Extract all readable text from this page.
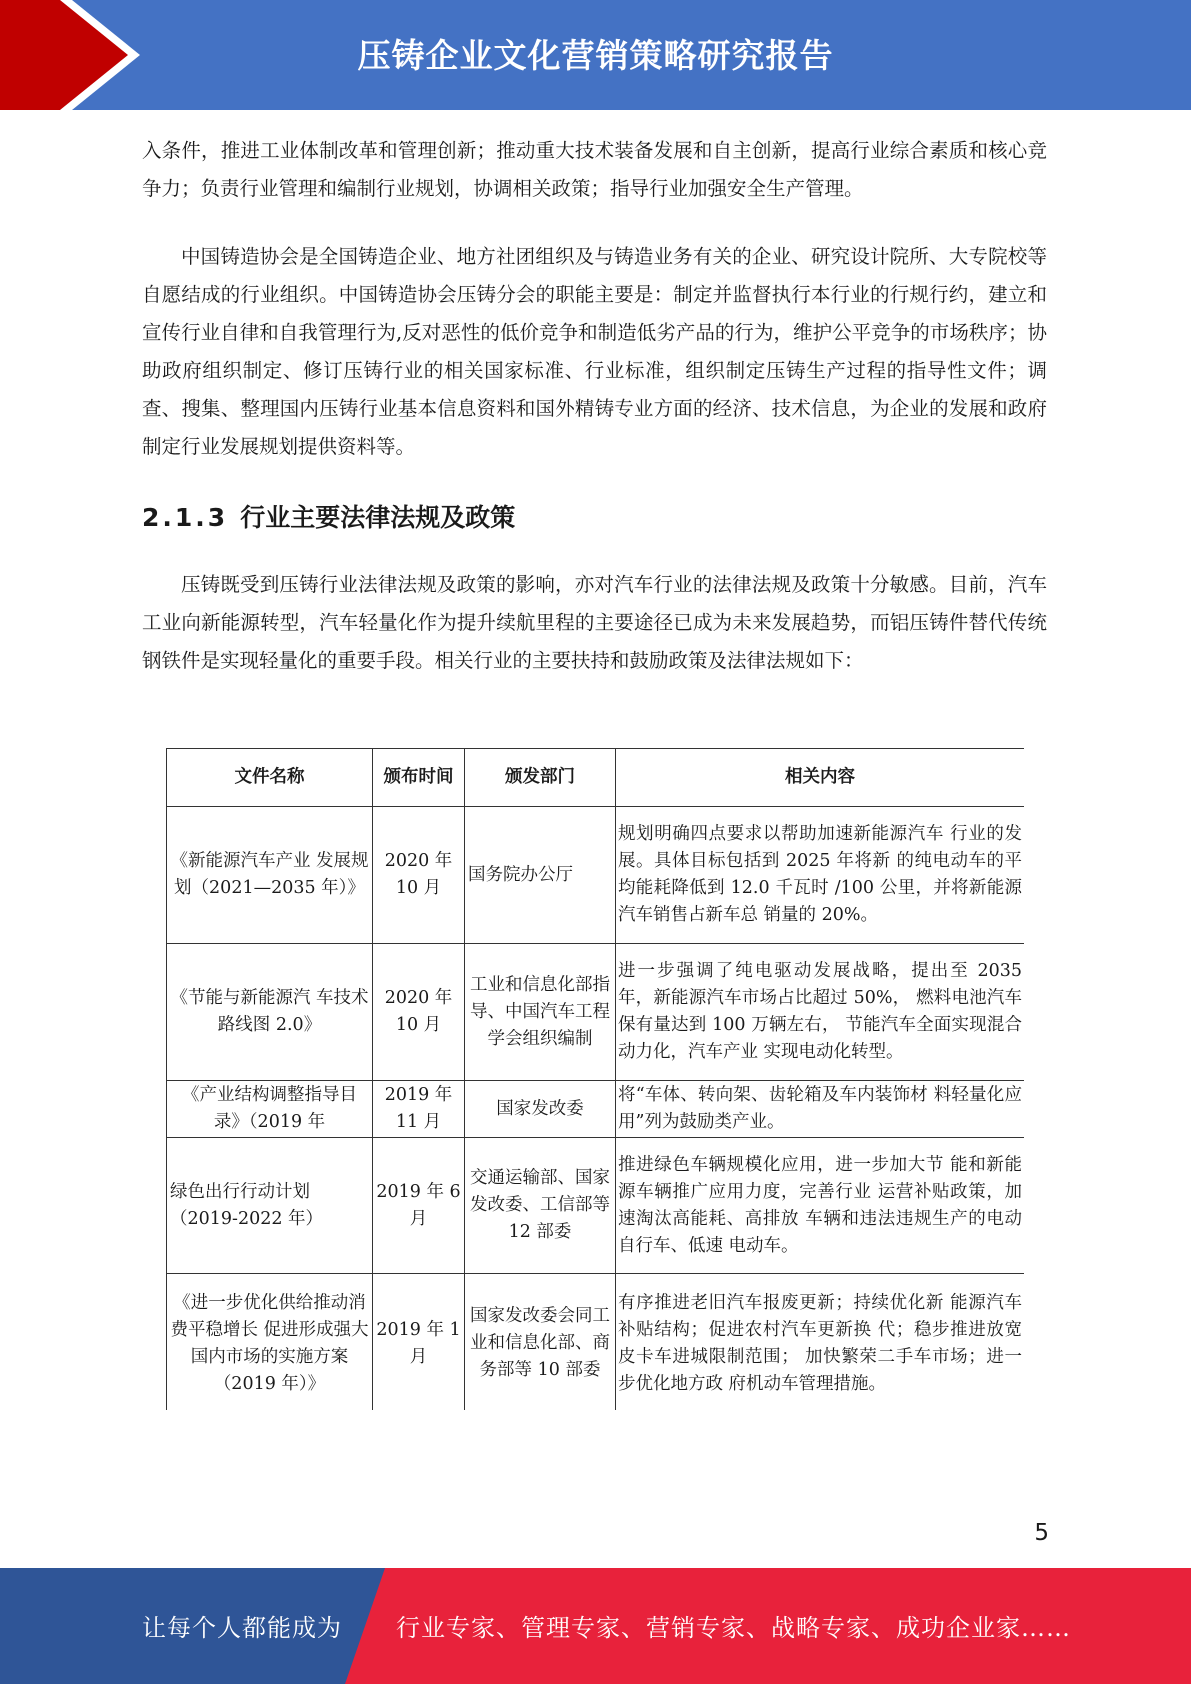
压铸企业文化营销策略研究报告

入条件，推进工业体制改革和管理创新；推动重大技术装备发展和自主创新，提高行业综合素质和核心竞争力；负责行业管理和编制行业规划，协调相关政策；指导行业加强安全生产管理。

中国铸造协会是全国铸造企业、地方社团组织及与铸造业务有关的企业、研究设计院所、大专院校等自愿结成的行业组织。中国铸造协会压铸分会的职能主要是：制定并监督执行本行业的行规行约，建立和宣传行业自律和自我管理行为,反对恶性的低价竞争和制造低劣产品的行为，维护公平竞争的市场秩序；协助政府组织制定、修订压铸行业的相关国家标准、行业标准，组织制定压铸生产过程的指导性文件；调查、搜集、整理国内压铸行业基本信息资料和国外精铸专业方面的经济、技术信息，为企业的发展和政府制定行业发展规划提供资料等。

2.1.3 行业主要法律法规及政策

压铸既受到压铸行业法律法规及政策的影响，亦对汽车行业的法律法规及政策十分敏感。目前，汽车工业向新能源转型，汽车轻量化作为提升续航里程的主要途径已成为未来发展趋势，而铝压铸件替代传统钢铁件是实现轻量化的重要手段。相关行业的主要扶持和鼓励政策及法律法规如下：

文件名称	颁布时间	颁发部门	相关内容
《新能源汽车产业 发展规划（2021—2035 年）》	2020 年 10 月	国务院办公厅	规划明确四点要求以帮助加速新能源汽车 行业的发展。具体目标包括到 2025 年将新 的纯电动车的平均能耗降低到 12.0 千瓦时 /100 公里，并将新能源汽车销售占新车总 销量的 20%。
《节能与新能源汽 车技术路线图 2.0》	2020 年 10 月	工业和信息化部指导、中国汽车工程学会组织编制	进一步强调了纯电驱动发展战略，提出至 2035 年，新能源汽车市场占比超过 50%， 燃料电池汽车保有量达到 100 万辆左右， 节能汽车全面实现混合动力化，汽车产业 实现电动化转型。
《产业结构调整指导目录》（2019 年	2019 年 11 月	国家发改委	将“车体、转向架、齿轮箱及车内装饰材 料轻量化应用”列为鼓励类产业。
绿色出行行动计划（2019-2022 年）	2019 年 6 月	交通运输部、国家发改委、工信部等 12 部委	推进绿色车辆规模化应用，进一步加大节 能和新能源车辆推广应用力度，完善行业 运营补贴政策，加速淘汰高能耗、高排放 车辆和违法违规生产的电动自行车、低速 电动车。
《进一步优化供给推动消费平稳增长 促进形成强大国内市场的实施方案（2019 年）》	2019 年 1 月	国家发改委会同工业和信息化部、商务部等 10 部委	有序推进老旧汽车报废更新；持续优化新 能源汽车补贴结构；促进农村汽车更新换 代；稳步推进放宽皮卡车进城限制范围； 加快繁荣二手车市场；进一步优化地方政 府机动车管理措施。
5
让每个人都能成为 行业专家、管理专家、营销专家、战略专家、成功企业家……
